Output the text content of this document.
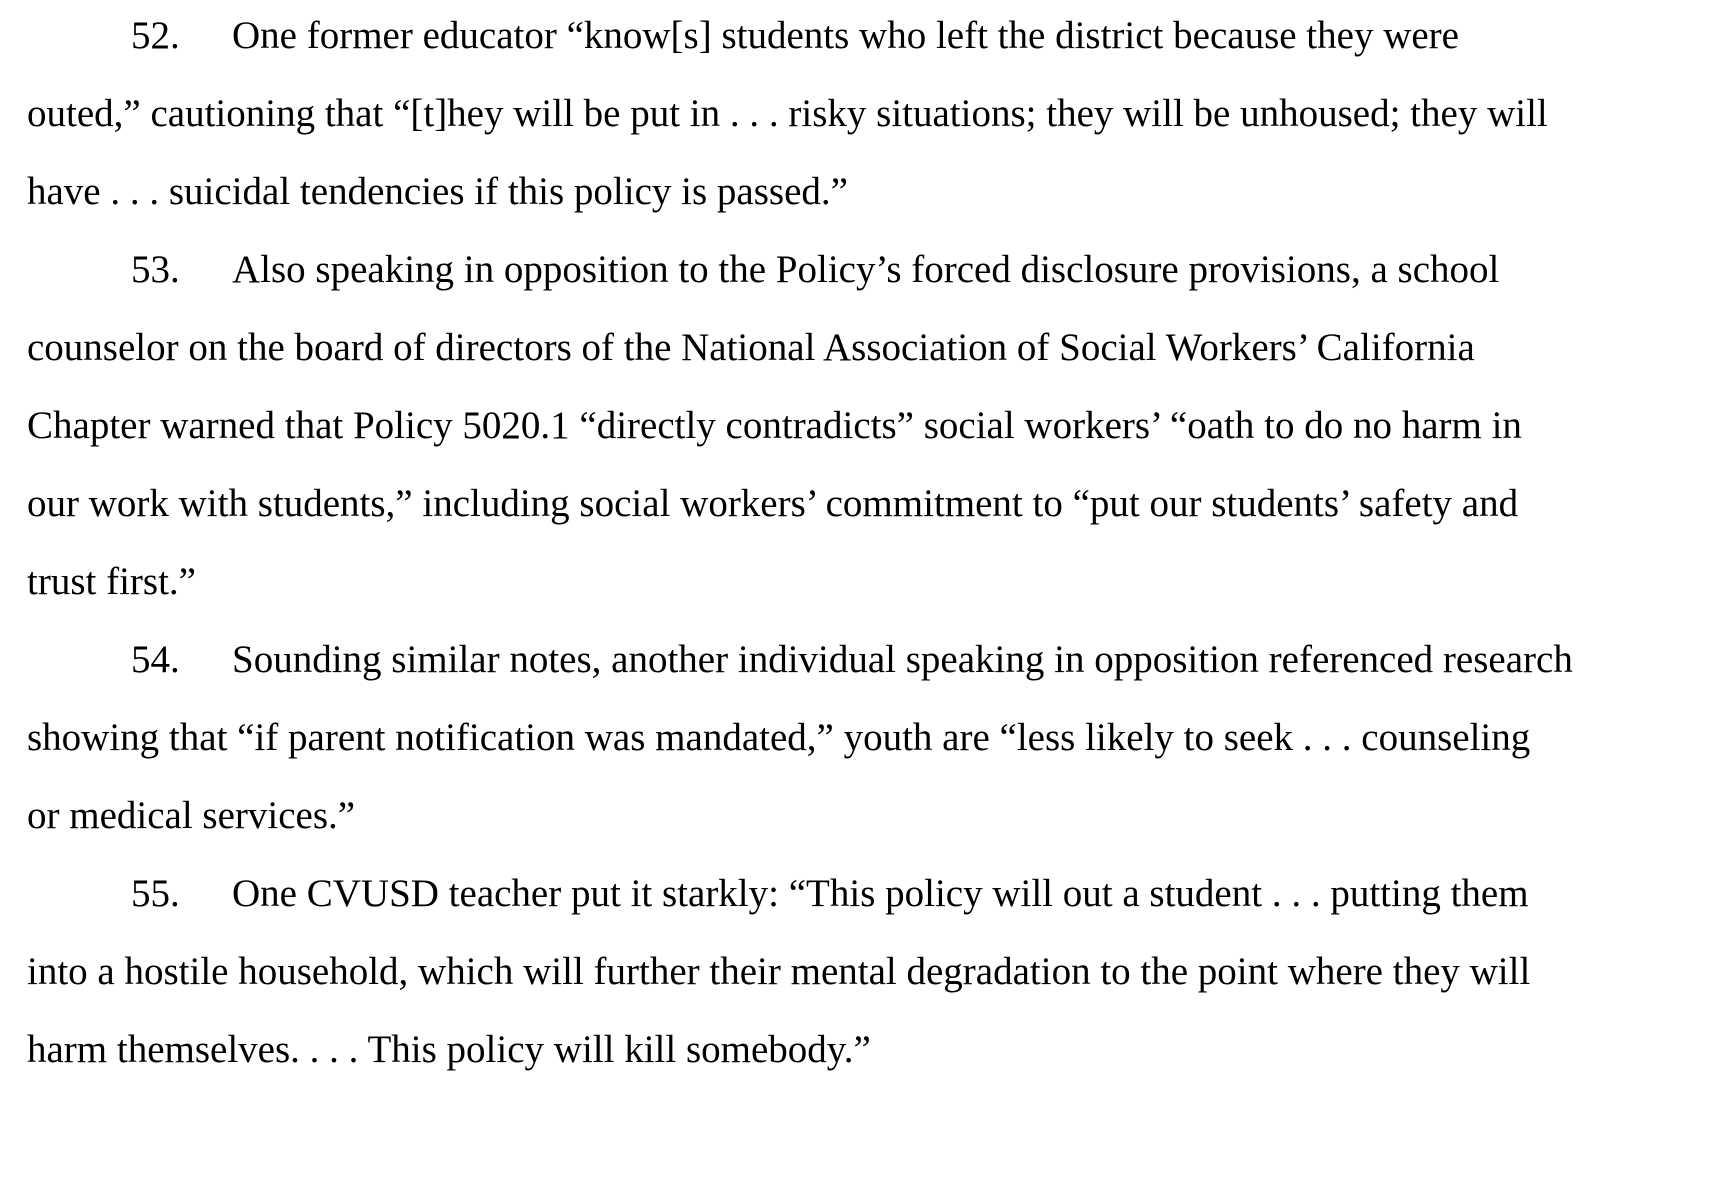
52. One former educator “know[s] students who left the district because they were
outed,” cautioning that “[t]hey will be put in . . . risky situations; they will be unhoused; they will
have . . . suicidal tendencies if this policy is passed.”
53. Also speaking in opposition to the Policy’s forced disclosure provisions, a school
counselor on the board of directors of the National Association of Social Workers’ California
Chapter warned that Policy 5020.1 “directly contradicts” social workers’ “oath to do no harm in
our work with students,” including social workers’ commitment to “put our students’ safety and
trust first.”
54. Sounding similar notes, another individual speaking in opposition referenced research
showing that “if parent notification was mandated,” youth are “less likely to seek . . . counseling
or medical services.”
55. One CVUSD teacher put it starkly: “This policy will out a student . . . putting them
into a hostile household, which will further their mental degradation to the point where they will
harm themselves. . . . This policy will kill somebody.”
